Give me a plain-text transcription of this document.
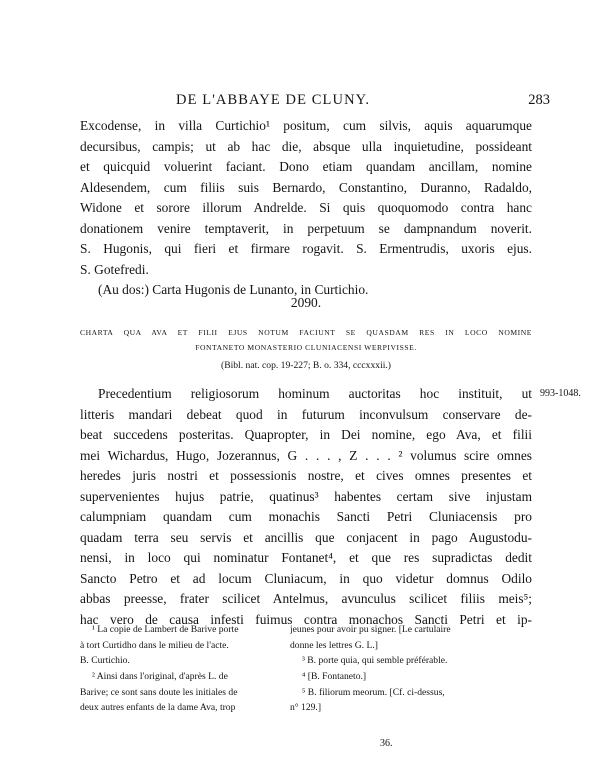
DE L'ABBAYE DE CLUNY.	283
Excodense, in villa Curtichio¹ positum, cum silvis, aquis aquarumque
decursibus, campis; ut ab hac die, absque ulla inquietudine, possideant
et quicquid voluerint faciant. Dono etiam quandam ancillam, nomine
Aldesendem, cum filiis suis Bernardo, Constantino, Duranno, Radaldo,
Widone et sorore illorum Andrelde. Si quis quoquomodo contra hanc
donationem venire temptaverit, in perpetuum se dampnandum noverit.
S. Hugonis, qui fieri et firmare rogavit. S. Ermentrudis, uxoris ejus.
S. Gotefredi.
(Au dos:) Carta Hugonis de Lunanto, in Curtichio.
2090.
CHARTA QUA AVA ET FILII EJUS NOTUM FACIUNT SE QUASDAM RES IN LOCO NOMINE
FONTANETO MONASTERIO CLUNIACENSI WERPIVISSE.
(Bibl. nat. cop. 19-227; B. o. 334, cccxxxii.)
993-1048.
Precedentium religiosorum hominum auctoritas hoc instituit, ut
litteris mandari debeat quod in futurum inconvulsum conservare de-
beat succedens posteritas. Quapropter, in Dei nomine, ego Ava, et filii
mei Wichardus, Hugo, Jozerannus, G . . . , Z . . . ² volumus scire omnes
heredes juris nostri et possessionis nostre, et cives omnes presentes et
supervenientes hujus patrie, quatinus³ habentes certam sive injustam
calumpniam quandam cum monachis Sancti Petri Cluniacensis pro
quadam terra seu servis et ancillis que conjacent in pago Augustodu-
nensi, in loco qui nominatur Fontanet⁴, et que res supradictas dedit
Sancto Petro et ad locum Cluniacum, in quo videtur domnus Odilo
abbas preesse, frater scilicet Antelmus, avunculus scilicet filiis meis⁵;
hac vero de causa infesti fuimus contra monachos Sancti Petri et ip-
¹ La copie de Lambert de Barive porte
à tort Curtidho dans le milieu de l'acte.
B. Curtichio.
² Ainsi dans l'original, d'après L. de
Barive; ce sont sans doute les initiales de
deux autres enfants de la dame Ava, trop
jeunes pour avoir pu signer. [Le cartulaire
donne les lettres G. L.]
³ B. porte quia, qui semble préférable.
⁴ [B. Fontaneto.]
⁵ B. filiorum meorum. [Cf. ci-dessus,
n° 129.]
36.
